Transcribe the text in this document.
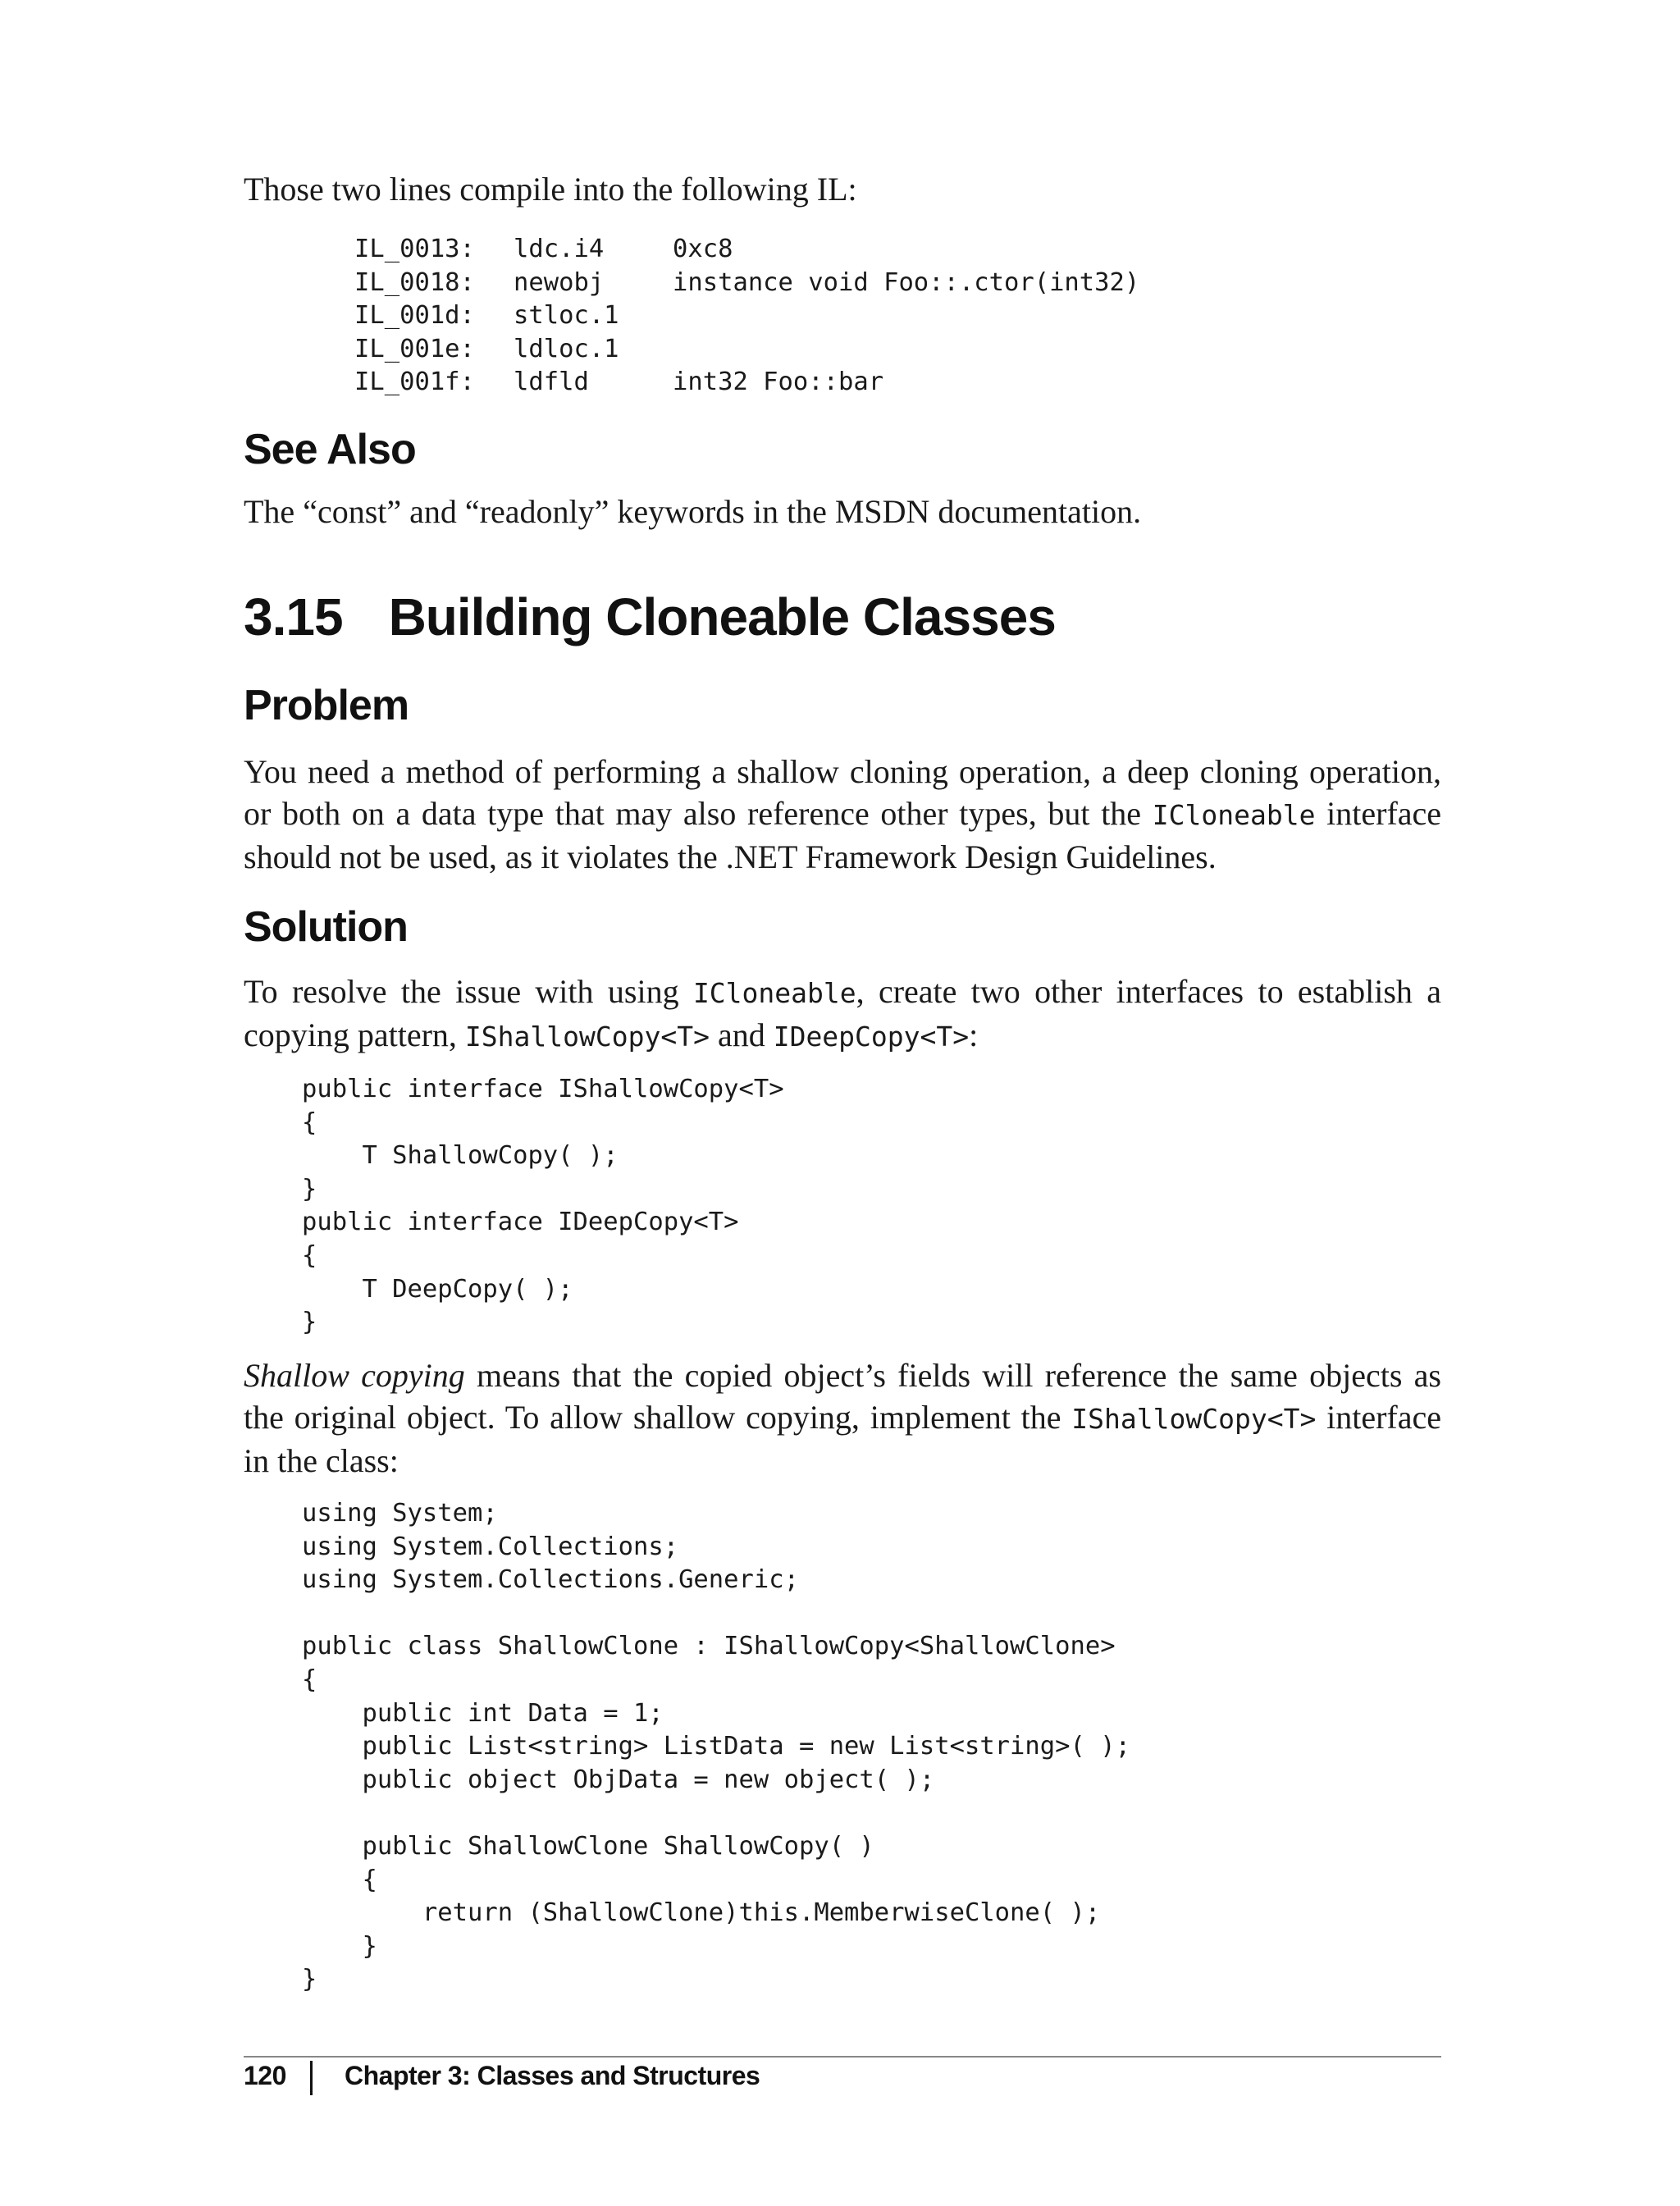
Those two lines compile into the following IL:

IL_0013:	ldc.i4	0xc8
IL_0018:	newobj	instance void Foo::.ctor(int32)
IL_001d:	stloc.1	
IL_001e:	ldloc.1	
IL_001f:	ldfld	int32 Foo::bar
See Also

The “const” and “readonly” keywords in the MSDN documentation.

3.15 Building Cloneable Classes
Problem

You need a method of performing a shallow cloning operation, a deep cloning operation, or both on a data type that may also reference other types, but the ICloneable interface should not be used, as it violates the .NET Framework Design Guidelines.

Solution

To resolve the issue with using ICloneable, create two other interfaces to establish a copying pattern, IShallowCopy<T> and IDeepCopy<T>:

public interface IShallowCopy<T>
{
T ShallowCopy( );
}
public interface IDeepCopy<T>
{
T DeepCopy( );
}

Shallow copying means that the copied object’s fields will reference the same objects as the original object. To allow shallow copying, implement the IShallowCopy<T> interface in the class:

using System;
using System.Collections;
using System.Collections.Generic;

public class ShallowClone : IShallowCopy<ShallowClone>
{
public int Data = 1;
public List<string> ListData = new List<string>( );
public object ObjData = new object( );

public ShallowClone ShallowCopy( )
{
return (ShallowClone)this.MemberwiseClone( );
}
}
120 Chapter 3: Classes and Structures
